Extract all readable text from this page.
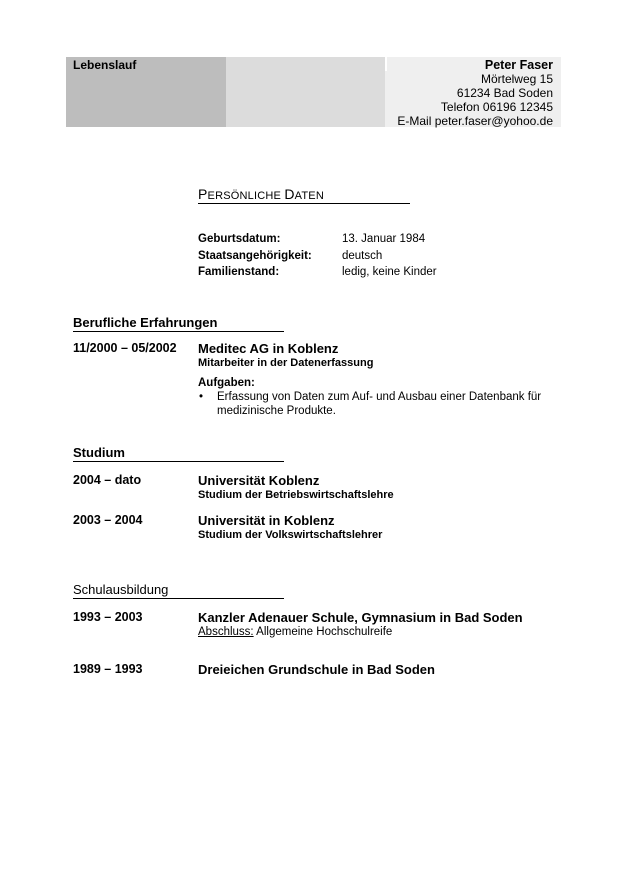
Lebenslauf	Peter Faser
Mörtelweg 15
61234 Bad Soden
Telefon 06196 12345
E-Mail peter.faser@yohoo.de
PERSÖNLICHE DATEN
Geburtsdatum:	13. Januar 1984
Staatsangehörigkeit:	deutsch
Familienstand:	ledig, keine Kinder
Berufliche Erfahrungen
11/2000 – 05/2002 Meditec AG in Koblenz
Mitarbeiter in der Datenerfassung
Aufgaben:
• Erfassung von Daten zum Auf- und Ausbau einer Datenbank für medizinische Produkte.
Studium
2004 – dato	Universität Koblenz
Studium der Betriebswirtschaftslehre
2003 – 2004	Universität in Koblenz
Studium der Volkswirtschaftslehrer
Schulausbildung
1993 – 2003	Kanzler Adenauer Schule, Gymnasium in Bad Soden
Abschluss: Allgemeine Hochschulreife
1989 – 1993	Dreieichen Grundschule in Bad Soden
